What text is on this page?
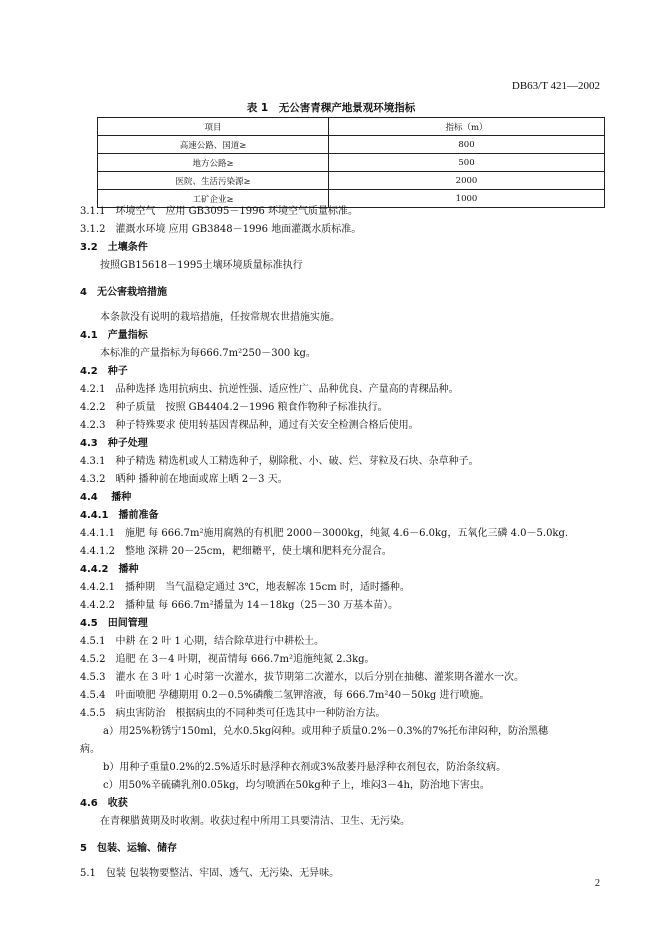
DB63/T 421—2002
表 1　无公害青稞产地景观环境指标
项目	指标（m）
高速公路、国道≥	800
地方公路≥	500
医院、生活污染源≥	2000
工矿企业≥	1000
3.1.1　环境空气　应用 GB3095－1996 环境空气质量标准。
3.1.2　灌溉水环境 应用 GB3848－1996 地面灌溉水质标准。
3.2　土壤条件
按照GB15618－1995土壤环境质量标准执行
4　无公害栽培措施
本条款没有说明的栽培措施，任按常规农世措施实施。
4.1　产量指标
本标准的产量指标为每666.7m²250－300 kg。
4.2　种子
4.2.1　品种选择 选用抗病虫、抗逆性强、适应性广、品种优良、产量高的青稞品种。
4.2.2　种子质量　按照 GB4404.2－1996 粮食作物种子标准执行。
4.2.3　种子特殊要求 使用转基因青稞品种，通过有关安全检测合格后使用。
4.3　种子处理
4.3.1　种子精选 精选机或人工精选种子，剔除秕、小、破、烂、芽粒及石块、杂草种子。
4.3.2　晒种 播种前在地面或席上晒 2－3 天。
4.4　 播种
4.4.1　播前准备
4.4.1.1　施肥 每 666.7m²施用腐熟的有机肥 2000－3000kg，纯氮 4.6－6.0kg，五氧化三磷 4.0－5.0kg.
4.4.1.2　整地 深耕 20－25cm，耙细耱平，使土壤和肥料充分混合。
4.4.2　播种
4.4.2.1　播种期　当气温稳定通过 3℃，地表解冻 15cm 时，适时播种。
4.4.2.2　播种量 每 666.7m²播量为 14－18kg（25－30 万基本苗）。
4.5　田间管理
4.5.1　中耕 在 2 叶 1 心期，结合除草进行中耕松土。
4.5.2　追肥 在 3－4 叶期，视苗情每 666.7m²追施纯氮 2.3kg。
4.5.3　灌水 在 3 叶 1 心时第一次灌水，拔节期第二次灌水，以后分别在抽穗、灌浆期各灌水一次。
4.5.4　叶面喷肥 孕穗期用 0.2－0.5%磷酸二氢钾溶液，每 666.7m²40－50kg 进行喷施。
4.5.5　病虫害防治　根据病虫的不同种类可任选其中一种防治方法。
a）用25%粉锈宁150ml，兑水0.5kg闷种。或用种子质量0.2%－0.3%的7%托布津闷种，防治黑穗
病。
b）用种子重量0.2%的2.5%适乐时悬浮种衣剂或3%敌萎丹悬浮种衣剂包衣，防治条纹病。
c）用50%辛硫磷乳剂0.05kg，均匀喷洒在50kg种子上，堆闷3－4h，防治地下害虫。
4.6　收获
在青稞腊黄期及时收割。收获过程中所用工具要清洁、卫生、无污染。
5　包装、运输、储存
5.1　包装 包装物要整洁、牢固、透气、无污染、无异味。
2
